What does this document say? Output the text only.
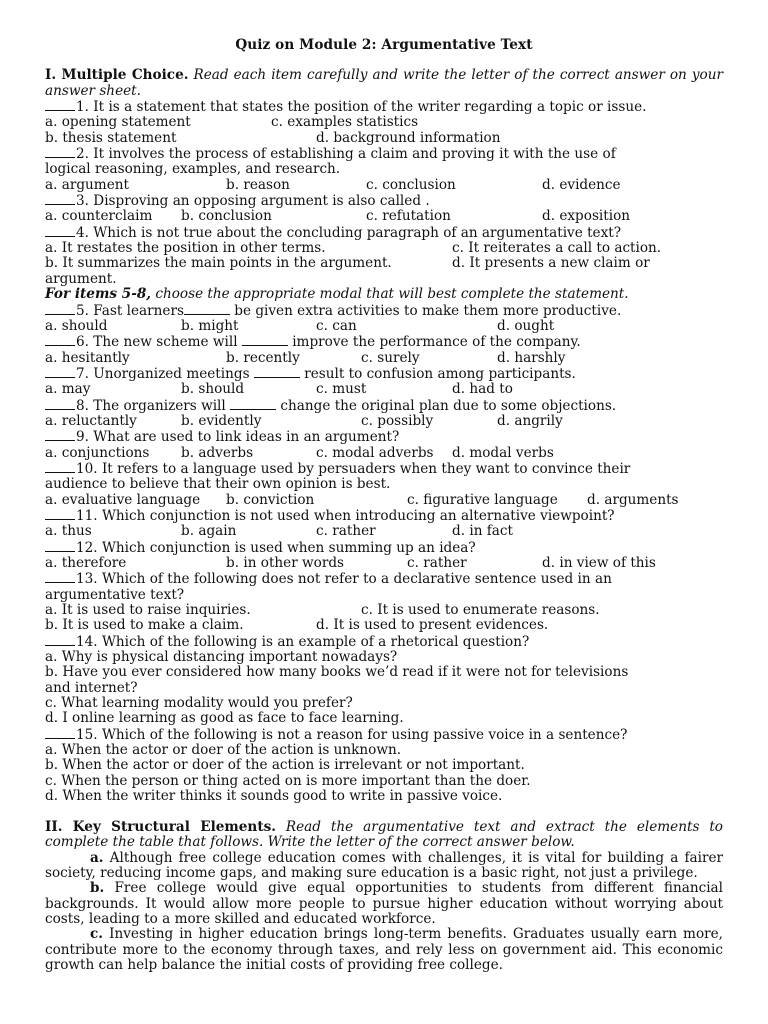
Quiz on Module 2: Argumentative Text
I. Multiple Choice. Read each item carefully and write the letter of the correct answer on your answer sheet.
1. It is a statement that states the position of the writer regarding a topic or issue.
a. opening statement	c. examples statistics
b. thesis statement	d. background information
2. It involves the process of establishing a claim and proving it with the use of
logical reasoning, examples, and research.
a. argument	b. reason	c. conclusion	d. evidence
3. Disproving an opposing argument is also called .
a. counterclaim b. conclusion	c. refutation	d. exposition
4. Which is not true about the concluding paragraph of an argumentative text?
a. It restates the position in other terms.	c. It reiterates a call to action.
b. It summarizes the main points in the argument.	d. It presents a new claim or
argument.
For items 5-8, choose the appropriate modal that will best complete the statement.
5. Fast learners	be given extra activities to make them more productive.
a. should	b. might	c. can	d. ought
6. The new scheme will	improve the performance of the company.
a. hesitantly	b. recently	c. surely	d. harshly
7. Unorganized meetings	result to confusion among participants.
a. may	b. should	c. must	d. had to
8. The organizers will	change the original plan due to some objections.
a. reluctantly	b. evidently	c. possibly	d. angrily
9. What are used to link ideas in an argument?
a. conjunctions b. adverbs	c. modal adverbs d. modal verbs
10. It refers to a language used by persuaders when they want to convince their
audience to believe that their own opinion is best.
a. evaluative language b. conviction	c. figurative language d. arguments
11. Which conjunction is not used when introducing an alternative viewpoint?
a. thus	b. again	c. rather	d. in fact
12. Which conjunction is used when summing up an idea?
a. therefore	b. in other words	c. rather	d. in view of this
13. Which of the following does not refer to a declarative sentence used in an
argumentative text?
a. It is used to raise inquiries.	c. It is used to enumerate reasons.
b. It is used to make a claim.	d. It is used to present evidences.
14. Which of the following is an example of a rhetorical question?
a. Why is physical distancing important nowadays?
b. Have you ever considered how many books we’d read if it were not for televisions
and internet?
c. What learning modality would you prefer?
d. I online learning as good as face to face learning.
15. Which of the following is not a reason for using passive voice in a sentence?
a. When the actor or doer of the action is unknown.
b. When the actor or doer of the action is irrelevant or not important.
c. When the person or thing acted on is more important than the doer.
d. When the writer thinks it sounds good to write in passive voice.
II. Key Structural Elements. Read the argumentative text and extract the elements to complete the table that follows. Write the letter of the correct answer below.
a. Although free college education comes with challenges, it is vital for building a fairer society, reducing income gaps, and making sure education is a basic right, not just a privilege.
b. Free college would give equal opportunities to students from different financial backgrounds. It would allow more people to pursue higher education without worrying about costs, leading to a more skilled and educated workforce.
c. Investing in higher education brings long-term benefits. Graduates usually earn more, contribute more to the economy through taxes, and rely less on government aid. This economic growth can help balance the initial costs of providing free college.
